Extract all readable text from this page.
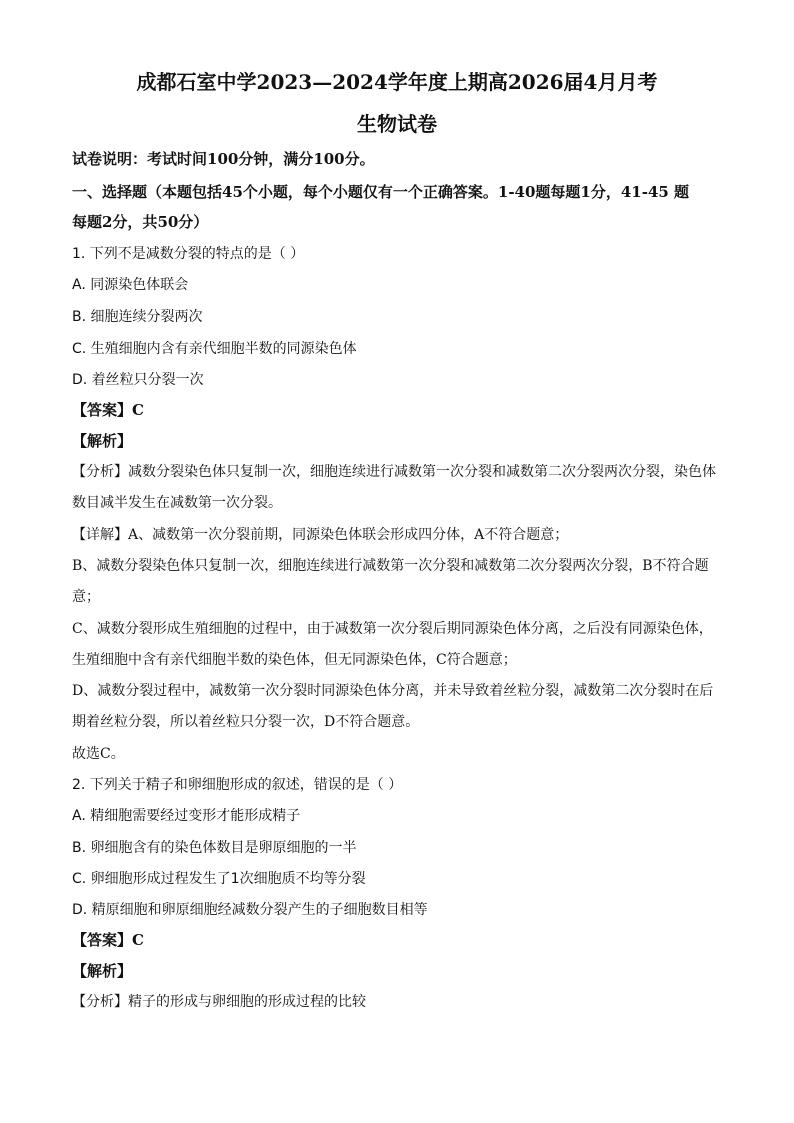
成都石室中学2023—2024学年度上期高2026届4月月考
生物试卷
试卷说明：考试时间100分钟，满分100分。
一、选择题（本题包括45个小题，每个小题仅有一个正确答案。1-40题每题1分，41-45 题
每题2分，共50分）
1. 下列不是减数分裂的特点的是（ ）
A. 同源染色体联会
B. 细胞连续分裂两次
C. 生殖细胞内含有亲代细胞半数的同源染色体
D. 着丝粒只分裂一次
【答案】C
【解析】
【分析】减数分裂染色体只复制一次，细胞连续进行减数第一次分裂和减数第二次分裂两次分裂，染色体
数目减半发生在减数第一次分裂。
【详解】A、减数第一次分裂前期，同源染色体联会形成四分体，A不符合题意；
B、减数分裂染色体只复制一次，细胞连续进行减数第一次分裂和减数第二次分裂两次分裂，B不符合题
意；
C、减数分裂形成生殖细胞的过程中，由于减数第一次分裂后期同源染色体分离，之后没有同源染色体，
生殖细胞中含有亲代细胞半数的染色体，但无同源染色体，C符合题意；
D、减数分裂过程中，减数第一次分裂时同源染色体分离，并未导致着丝粒分裂，减数第二次分裂时在后
期着丝粒分裂，所以着丝粒只分裂一次，D不符合题意。
故选C。
2. 下列关于精子和卵细胞形成的叙述，错误的是（ ）
A. 精细胞需要经过变形才能形成精子
B. 卵细胞含有的染色体数目是卵原细胞的一半
C. 卵细胞形成过程发生了1次细胞质不均等分裂
D. 精原细胞和卵原细胞经减数分裂产生的子细胞数目相等
【答案】C
【解析】
【分析】精子的形成与卵细胞的形成过程的比较
